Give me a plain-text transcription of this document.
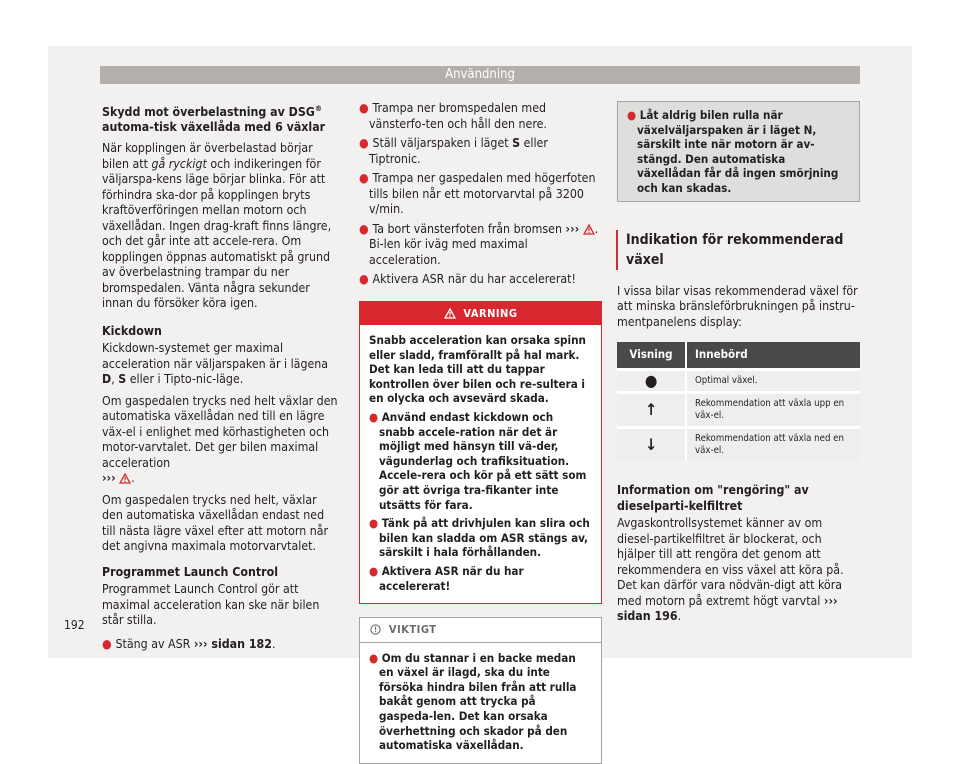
Användning

Skydd mot överbelastning av DSG® automa-tisk växellåda med 6 växlar

När kopplingen är överbelastad börjar bilen att gå ryckigt och indikeringen för väljarspa-kens läge börjar blinka. För att förhindra ska-dor på kopplingen bryts kraftöverföringen mellan motorn och växellådan. Ingen drag-kraft finns längre, och det går inte att accele-rera. Om kopplingen öppnas automatiskt på grund av överbelastning trampar du ner bromspedalen. Vänta några sekunder innan du försöker köra igen.

Kickdown

Kickdown-systemet ger maximal acceleration när väljarspaken är i lägena D, S eller i Tipto-nic-läge.

Om gaspedalen trycks ned helt växlar den automatiska växellådan ned till en lägre väx-el i enlighet med körhastigheten och motor-varvtalet. Det ger bilen maximal acceleration
››› .

Om gaspedalen trycks ned helt, växlar den automatiska växellådan endast ned till nästa lägre växel efter att motorn når det angivna maximala motorvarvtalet.

Programmet Launch Control

Programmet Launch Control gör att maximal acceleration kan ske när bilen står stilla.

● Stäng av ASR ››› sidan 182.

● Trampa ner bromspedalen med vänsterfo-ten och håll den nere.

● Ställ väljarspaken i läget S eller Tiptronic.

● Trampa ner gaspedalen med högerfoten tills bilen når ett motorvarvtal på 3200 v/min.

● Ta bort vänsterfoten från bromsen ››› . Bi-len kör iväg med maximal acceleration.

● Aktivera ASR när du har accelererat!

VARNING

Snabb acceleration kan orsaka spinn eller sladd, framförallt på hal mark. Det kan leda till att du tappar kontrollen över bilen och re-sultera i en olycka och avsevärd skada.

● Använd endast kickdown och snabb accele-ration när det är möjligt med hänsyn till vä-der, vägunderlag och trafiksituation. Accele-rera och kör på ett sätt som gör att övriga tra-fikanter inte utsätts för fara.

● Tänk på att drivhjulen kan slira och bilen kan sladda om ASR stängs av, särskilt i hala förhållanden.

● Aktivera ASR när du har accelererat!

VIKTIGT

● Om du stannar i en backe medan en växel är ilagd, ska du inte försöka hindra bilen från att rulla bakåt genom att trycka på gaspeda-len. Det kan orsaka överhettning och skador på den automatiska växellådan.

● Låt aldrig bilen rulla när växelväljarspaken är i läget N, särskilt inte när motorn är av-stängd. Den automatiska växellådan får då ingen smörjning och kan skadas.

Indikation för rekommenderad växel

I vissa bilar visas rekommenderad växel för att minska bränsleförbrukningen på instru-mentpanelens display:

Visning	Innebörd
●	Optimal växel.
↑	Rekommendation att växla upp en väx-el.
↓	Rekommendation att växla ned en väx-el.

Information om "rengöring" av dieselparti-kelfiltret

Avgaskontrollsystemet känner av om diesel-partikelfiltret är blockerat, och hjälper till att rengöra det genom att rekommendera en viss växel att köra på. Det kan därför vara nödvän-digt att köra med motorn på extremt högt varvtal ››› sidan 196.

192
